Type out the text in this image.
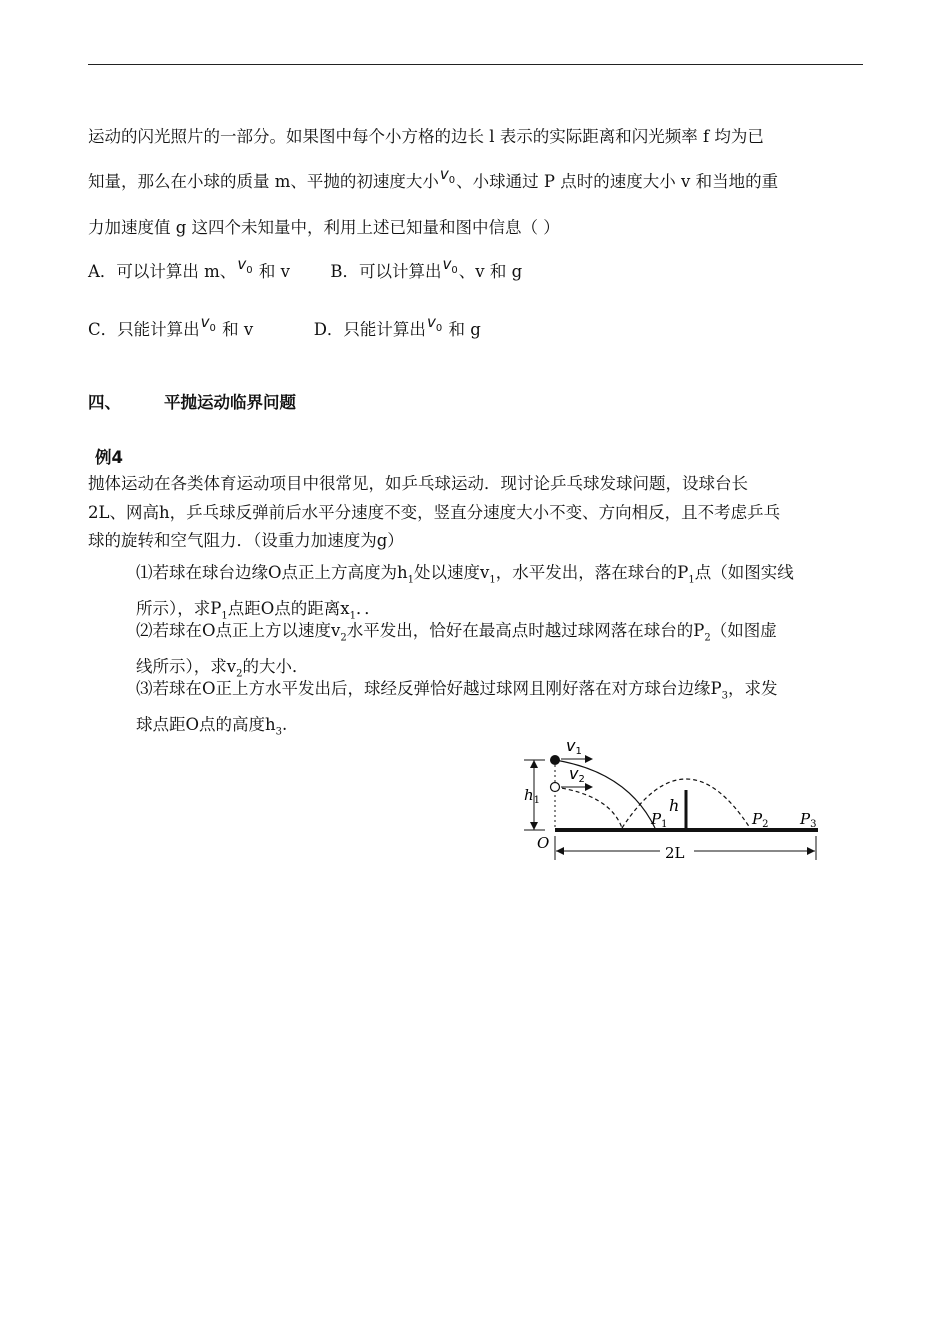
运动的闪光照片的一部分。如果图中每个小方格的边长 l 表示的实际距离和闪光频率 f 均为已
知量，那么在小球的质量 m、平抛的初速度大小$v_0$、小球通过 P 点时的速度大小 v 和当地的重
力加速度值 g 这四个未知量中，利用上述已知量和图中信息（ ）
A．可以计算出 m、$v_0$ 和 v B．可以计算出$v_0$、v 和 g
C．只能计算出$v_0$ 和 v	D．只能计算出$v_0$ 和 g
四、	平抛运动临界问题
例4
抛体运动在各类体育运动项目中很常见，如乒乓球运动．现讨论乒乓球发球问题，设球台长
2L、网高h，乒乓球反弹前后水平分速度不变，竖直分速度大小不变、方向相反，且不考虑乒乓
球的旋转和空气阻力．（设重力加速度为g）
⑴若球在球台边缘O点正上方高度为$h_1$处以速度$v_1$，水平发出，落在球台的$P_1$点（如图实线
所示），求$P_1$点距O点的距离$x_1$．．
⑵若球在O点正上方以速度$v_2$水平发出，恰好在最高点时越过球网落在球台的$P_2$（如图虚
线所示），求$v_2$的大小．
⑶若球在O正上方水平发出后，球经反弹恰好越过球网且刚好落在对方球台边缘$P_3$，求发
球点距O点的高度$h_3$.
v1
v2
$h_1$	h
O
$P_1$	$P_2$ $P_3$
2L
